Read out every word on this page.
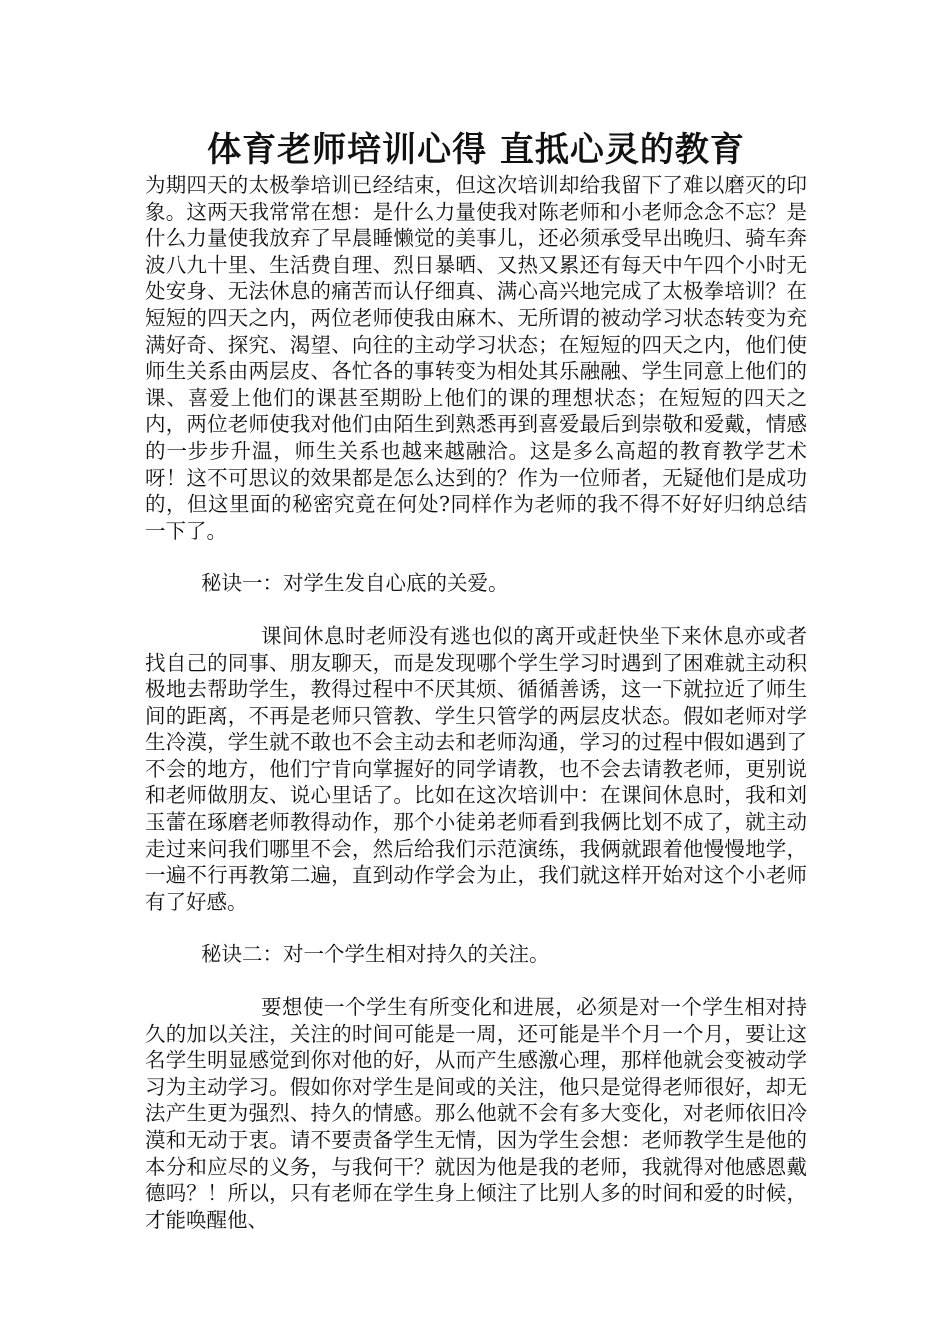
体育老师培训心得 直抵心灵的教育

为期四天的太极拳培训已经结束，但这次培训却给我留下了难以磨灭的印象。这两天我常常在想：是什么力量使我对陈老师和小老师念念不忘？是什么力量使我放弃了早晨睡懒觉的美事儿，还必须承受早出晚归、骑车奔波八九十里、生活费自理、烈日暴晒、又热又累还有每天中午四个小时无处安身、无法休息的痛苦而认仔细真、满心高兴地完成了太极拳培训？在短短的四天之内，两位老师使我由麻木、无所谓的被动学习状态转变为充满好奇、探究、渴望、向往的主动学习状态；在短短的四天之内，他们使师生关系由两层皮、各忙各的事转变为相处其乐融融、学生同意上他们的课、喜爱上他们的课甚至期盼上他们的课的理想状态；在短短的四天之内，两位老师使我对他们由陌生到熟悉再到喜爱最后到崇敬和爱戴，情感的一步步升温，师生关系也越来越融洽。这是多么高超的教育教学艺术呀！这不可思议的效果都是怎么达到的？作为一位师者，无疑他们是成功的，但这里面的秘密究竟在何处?同样作为老师的我不得不好好归纳总结一下了。

秘诀一：对学生发自心底的关爱。

课间休息时老师没有逃也似的离开或赶快坐下来休息亦或者找自己的同事、朋友聊天，而是发现哪个学生学习时遇到了困难就主动积极地去帮助学生，教得过程中不厌其烦、循循善诱，这一下就拉近了师生间的距离，不再是老师只管教、学生只管学的两层皮状态。假如老师对学生冷漠，学生就不敢也不会主动去和老师沟通，学习的过程中假如遇到了不会的地方，他们宁肯向掌握好的同学请教，也不会去请教老师，更别说和老师做朋友、说心里话了。比如在这次培训中：在课间休息时，我和刘玉蕾在琢磨老师教得动作，那个小徒弟老师看到我俩比划不成了，就主动走过来问我们哪里不会，然后给我们示范演练，我俩就跟着他慢慢地学，一遍不行再教第二遍，直到动作学会为止，我们就这样开始对这个小老师有了好感。

秘诀二：对一个学生相对持久的关注。

要想使一个学生有所变化和进展，必须是对一个学生相对持久的加以关注，关注的时间可能是一周，还可能是半个月一个月，要让这名学生明显感觉到你对他的好，从而产生感激心理，那样他就会变被动学习为主动学习。假如你对学生是间或的关注，他只是觉得老师很好，却无法产生更为强烈、持久的情感。那么他就不会有多大变化，对老师依旧冷漠和无动于衷。请不要责备学生无情，因为学生会想：老师教学生是他的本分和应尽的义务，与我何干？就因为他是我的老师，我就得对他感恩戴德吗？！所以，只有老师在学生身上倾注了比别人多的时间和爱的时候，才能唤醒他、
